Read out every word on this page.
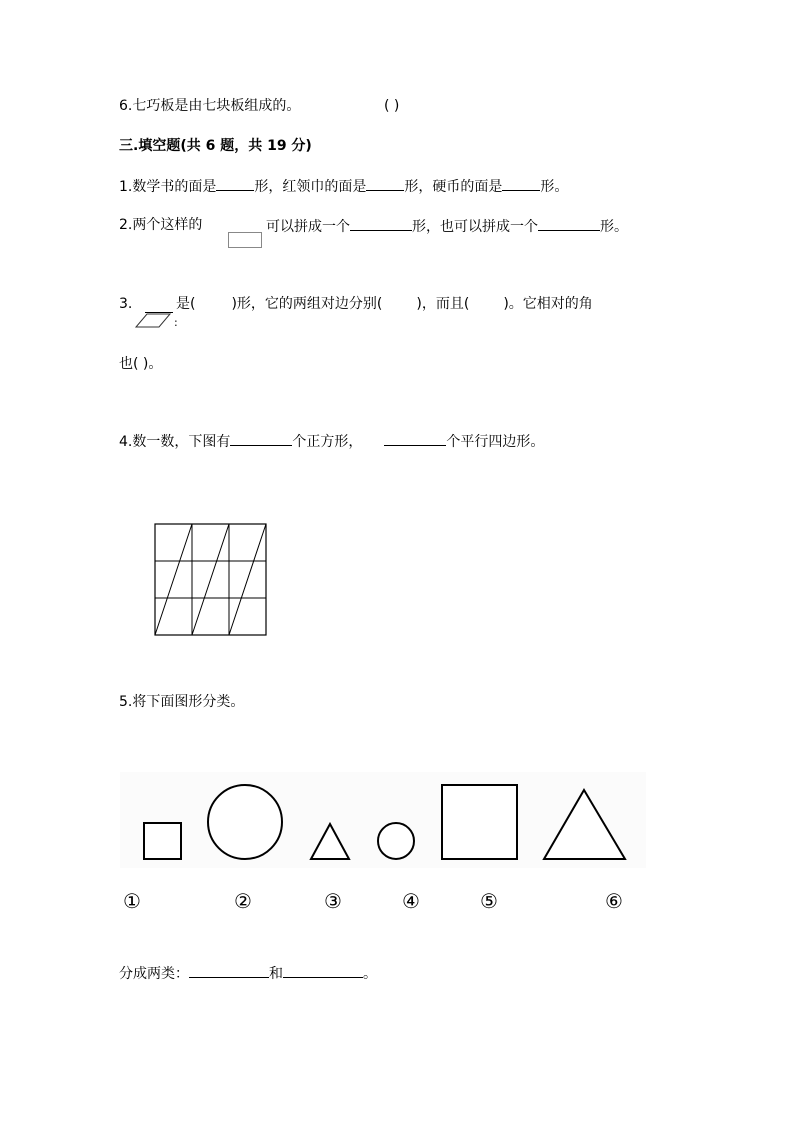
6.七巧板是由七块板组成的。	( )
三.填空题(共 6 题，共 19 分)
1.数学书的面是	形，红领巾的面是	形，硬币的面是	形。
2.两个这样的	可以拼成一个	形，也可以拼成一个	形。
3.
:
是(	)形，它的两组对边分别( )，而且( )。它相对的角
也( )。
4.数一数，下图有	个正方形，	个平行四边形。
5.将下面图形分类。
①	②	③	④	⑤	⑥
分成两类：	和	。
